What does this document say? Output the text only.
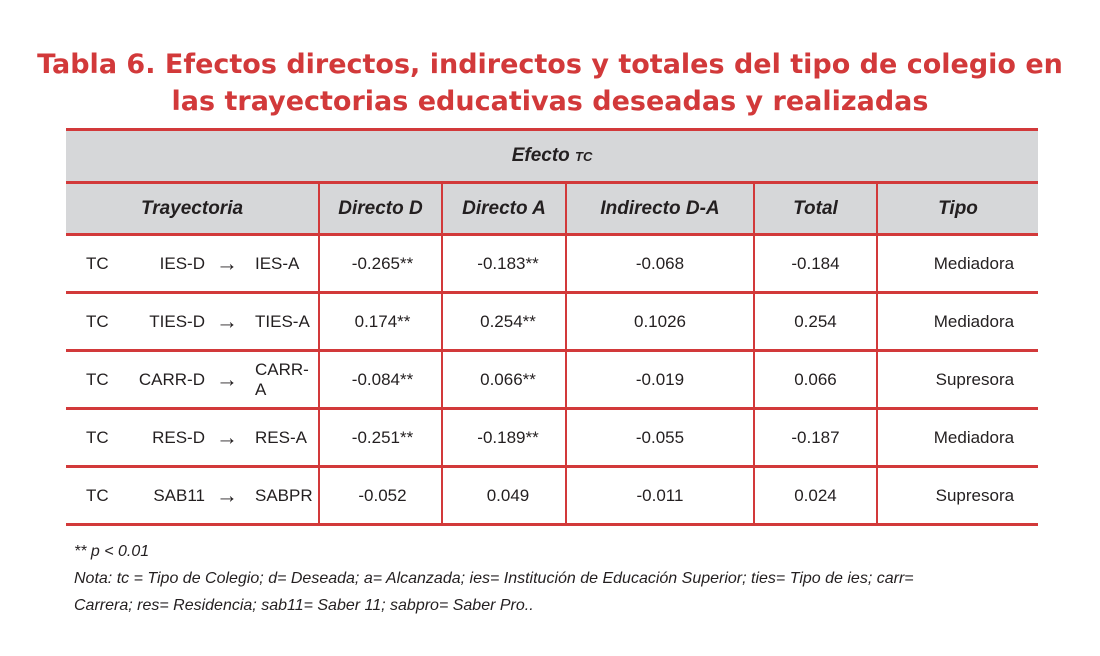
Tabla 6. Efectos directos, indirectos y totales del tipo de colegio en
las trayectorias educativas deseadas y realizadas
Efecto tc					
Trayectoria	Directo D	Directo A	Indirecto D-A	Total	Tipo

TC IES-D → IES-A	-0.265**	-0.183**	-0.068	-0.184	Mediadora

TC TIES-D → TIES-A	0.174**	0.254**	0.1026	0.254	Mediadora

TC CARR-D → CARR-A	-0.084**	0.066**	-0.019	0.066	Supresora

TC RES-D → RES-A	-0.251**	-0.189**	-0.055	-0.187	Mediadora

TC SAB11 → SABPR	-0.052	0.049	-0.011	0.024	Supresora
** p < 0.01
Nota: tc = Tipo de Colegio; d= Deseada; a= Alcanzada; ies= Institución de Educación Superior; ties= Tipo de ies; carr=
Carrera; res= Residencia; sab11= Saber 11; sabpro= Saber Pro..
